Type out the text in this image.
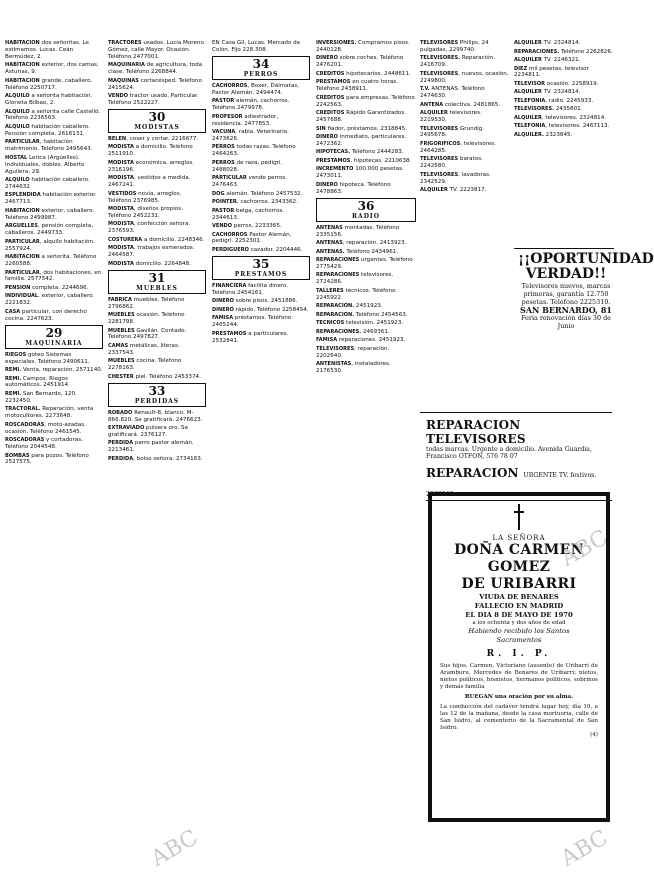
HABITACION dos señoritas. Le estimamos. Lucas. Ceán Bermúdez, 2.

HABITACION exterior, dos camas. Asturias, 9.

HABITACION grande, caballero. Teléfono 2250717.

ALQUILO a señorita habitación. Glorieta Bilbao, 2.

ALQUILO a señorita calle Castelló. Teléfono 2236563.

ALQUILO habitación caballero. Pensión completa. 2616131.

PARTICULAR, habitación matrimonio. Teléfono 2495643.

HOSTAL Lerica (Argüelles). Individuales, dobles. Alberto Aguilera, 29.

ALQUILO habitación caballero. 2744632.

ESPLENDIDA habitación exterior. 2467713.

HABITACION exterior, caballero. Teléfono 2499987.

ARGUELLES, pensión completa, caballeros. 2449733.

PARTICULAR, alquilo habitación. 2557924.

HABITACION a señorita. Teléfono 2260588.

PARTICULAR, dos habitaciones, en familia. 2577542.

PENSION completa. 2244696.

INDIVIDUAL, exterior, caballero. 2221832.

CASA particular, con derecho cocina. 2247623.

29
MAQUINARIA

RIEGOS goteo Sistemas especiales. Teléfono 2490611.

REMI. Venta, reparación. 2571140.

REMI. Campos. Riegos automáticos. 2451914.

REMI. San Bernardo, 120. 2232450.

TRACTORAL. Reparación, venta motocultores. 2273648.

ROSCADORAS, moto-azadas, ocasión. Teléfono 2461545.

ROSCADORAS y cortadoras. Teléfono 2044548.

BOMBAS para pozos. Teléfono 2527575.

TRACTORES usados. Lucía Moreno Gómez, calle Mayor. Ocasión. Teléfono 2477001.

MAQUINARIA de agricultura, toda clase. Teléfono 2268844.

MAQUINAS cortacésped. Teléfono 2415624.

VENDO tractor usado. Particular. Teléfono 2522227.

30
MODISTAS

BELEN, coser y cortar. 2216677.

MODISTA a domicilio. Teléfono 2511910.

MODISTA económica, arreglos. 2316196.

MODISTA, vestidos a medida. 2467241.

VESTIDOS novia, arreglos. Teléfono 2376985.

MODISTA, diseños propios. Teléfono 2452231.

MODISTA, confección señora. 2376593.

COSTURERA a domicilio. 2248346.

MODISTA, trabajos esmerados. 2464587.

MODISTA domicilio. 2264848.

31
MUEBLES

FABRICA muebles. Teléfono 2796862.

MUEBLES ocasión. Teléfono 2281798.

MUEBLES Gavilán. Contado. Teléfono 2497827.

CAMAS metálicas, literas. 2337543.

MUEBLES cocina. Teléfono 2278163.

CHESTER piel. Teléfono 2453374.

33
PERDIDAS

ROBADO Renault-8, blanco, M-866.820. Se gratificará. 2476623.

EXTRAVIADO pulsera oro. Se gratificará. 2376127.

PERDIDA perro pastor alemán. 2213461.

PERDIDA, bolso señora. 2734163.

EN Casa Gil, Lucas. Mercado de Colón. Fijo 228.308.

34
PERROS

CACHORROS, Boxer, Dálmatas, Pastor Alemán. 2494474.

PASTOR alemán, cachorros. Teléfono 2479978.

PROFESOR adiestrador, residencia. 2477853.

VACUNA, rabia. Veterinario. 2473626.

PERROS todas razas. Teléfono 2464263.

PERROS de raza, pedigrí. 2488028.

PARTICULAR vende perros. 2476463.

DOG alemán. Teléfono 2457532.

POINTER, cachorros. 2343362.

PASTOR belga, cachorros. 2344613.

VENDO perros, 2233365.

CACHORROS Pastor Alemán, pedigrí. 2252301.

PERDIGUERO cazador. 2204446.

35
PRESTAMOS

FINANCIERA facilita dinero. Teléfono 2454161.

DINERO sobre pisos. 2451886.

DINERO rápido. Teléfono 2258454.

FAMISA préstamos. Teléfono 2465244.

PRESTAMOS a particulares. 2532841.

INVERSIONES. Compramos pisos. 2440128.

DINERO sobre coches. Teléfono 2476201.

CREDITOS hipotecarios. 2448611.

PRESTAMOS en cuatro horas. Teléfono 2438911.

CREDITOS para empresas. Teléfono 2242563.

CREDITOS Rápido Garantizados. 2457688.

SIN fiador, préstamos. 2318845.

DINERO inmediato, particulares. 2472362.

HIPOTECAS. Teléfono 2444283.

PRESTAMOS, hipotecas. 2210638.

INCREMENTO 100.000 pesetas. 2473011.

DINERO hipoteca. Teléfono 2478863.

36
RADIO

ANTENAS montadas. Teléfono 2335156.

ANTENAS, reparación. 2413923.

ANTENAS. Teléfono 2434961.

REPARACIONES urgentes. Teléfono 2775429.

REPARACIONES televisores. 2724286.

TALLERES técnicos. Teléfono 2245922.

REPARACION. 2451923.

REPARACION. Teléfono 2454563.

TECNICOS televisión. 2451923.

REPARACIONES. 2469361.

FAMISA reparaciones. 2451923.

TELEVISORES, reparación. 2202640.

ANTENISTAS, instaladores. 2176530.

TELEVISORES Philips, 24 pulgadas, 2299740.

TELEVISORES. Reparación. 2416709.

TELEVISORES, nuevos, ocasión. 2249800.

T.V. ANTENAS. Teléfono 2474630.

ANTENA colectiva. 2481865.

ALQUILER televisores. 2219530.

TELEVISORES Grundig. 2495678.

FRIGORIFICOS, televisores. 2464285.

TELEVISORES baratos. 2242580.

TELEVISORES, lavadoras. 2342529.

ALQUILER TV. 2223817.

ALQUILER TV. 2324814.

REPARACIONES. Teléfono 2262826.

ALQUILER TV. 2246321.

DIEZ mil pesetas, televisor. 2234811.

TELEVISOR ocasión. 2258919.

ALQUILER TV. 2324814.

TELEFONIA, radio. 2245933.

TELEVISORES. 2435801.

ALQUILER, televisores. 2324814.

TELEFONIA, televisores. 2467113.

ALQUILER. 2323845.

¡¡OPORTUNIDAD
VERDAD!!
Televisores nuevos, marcas primeras, garantía 12.750 pesetas. Teléfono 2225310.
SAN BERNARDO, 81
Feria renovación días 30 de Junio
REPARACION TELEVISORES
todas marcas. Urgente a domicilio. Avenida Guardia, Francisco OTFON, 576 78 07
REPARACION URGENTE TV. festivos. 2063248.
LA SEÑORA
DOÑA CARMEN GOMEZ
DE URIBARRI
VIUDA DE BENARES
FALLECIO EN MADRID
EL DIA 8 DE MAYO DE 1970
a los ochenta y dos años de edad
Habiendo recibido los Santos
Sacramentos
R. I. P.
Sus hijos, Carmen, Victoriano (ausente) de Uribarri de Aramburu, Mercedes de Benares de Uribarri; nietos, nietos políticos, bisnietos, hermanos políticos, sobrinos y demás familia
RUEGAN una oración por su alma.
La conducción del cadáver tendrá lugar hoy, día 10, a las 12 de la mañana, desde la casa mortuoria, calle de San Isidro, al cementerio de la Sacramental de San Isidro.
(4)
ABC
ABC
ABC
